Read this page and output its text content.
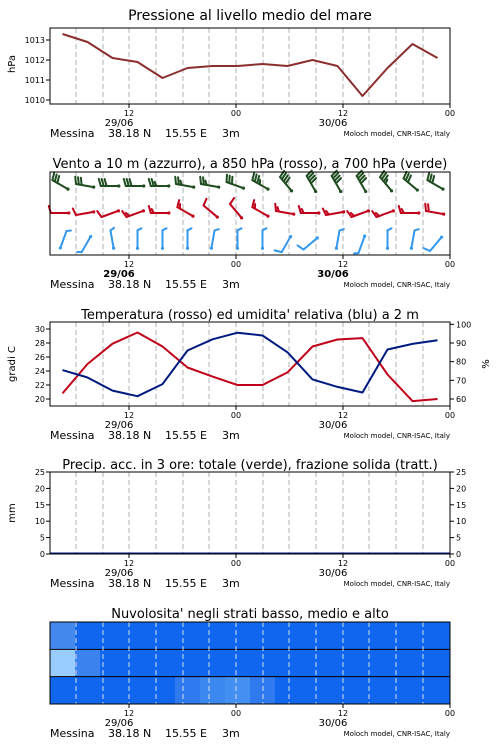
Pressione al livello medio del mare
hPa
1010
1011
1012
1013
12	00	12	00
29/06	30/06
Messina 38.18 N 15.55 E 3m	Moloch model, CNR-ISAC, Italy
Vento a 10 m (azzurro), a 850 hPa (rosso), a 700 hPa (verde)
12	00	12	00
29/06	30/06
Messina 38.18 N 15.55 E 3m	Moloch model, CNR-ISAC, Italy
Temperatura (rosso) ed umidita' relativa (blu) a 2 m
gradi C	%
20
22
24
26
28
30
60
70
80
90
100
12	00	12	00
29/06	30/06
Messina 38.18 N 15.55 E 3m	Moloch model, CNR-ISAC, Italy
Precip. acc. in 3 ore: totale (verde), frazione solida (tratt.)
mm
0
5
10
15
20
25
0
5
10
15
20
25
12	00	12	00
29/06	30/06
Messina 38.18 N 15.55 E 3m	Moloch model, CNR-ISAC, Italy
Nuvolosita' negli strati basso, medio e alto
12	00	12	00
29/06	30/06
Messina 38.18 N 15.55 E 3m	Moloch model, CNR-ISAC, Italy
